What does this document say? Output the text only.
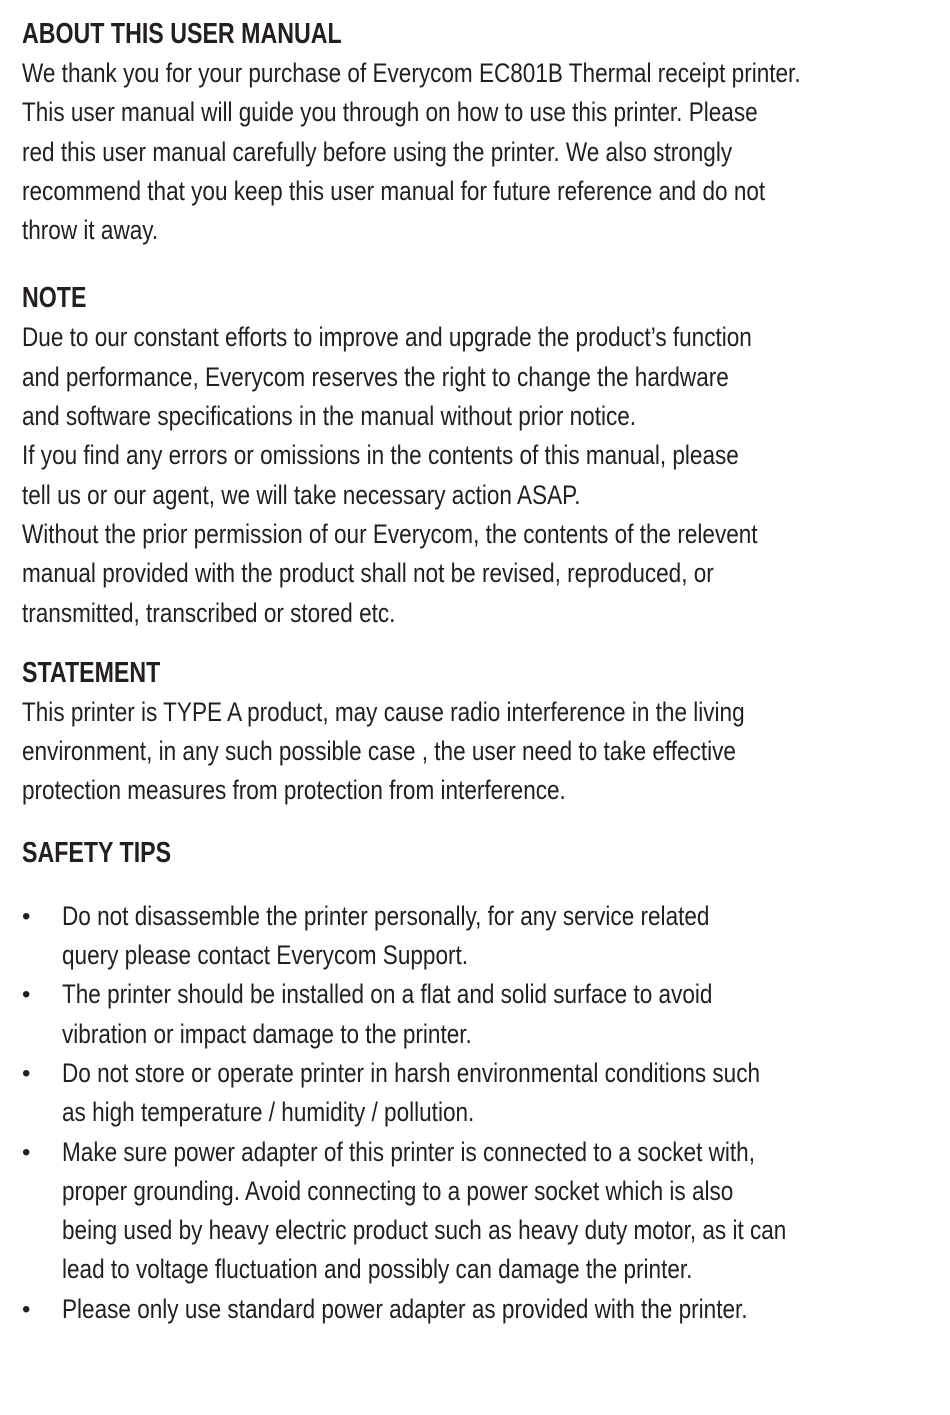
ABOUT THIS USER MANUAL
We thank you for your purchase of Everycom EC801B Thermal receipt printer.
This user manual will guide you through on how to use this printer. Please
red this user manual carefully before using the printer. We also strongly
recommend that you keep this user manual for future reference and do not
throw it away.
NOTE
Due to our constant efforts to improve and upgrade the product’s function
and performance, Everycom reserves the right to change the hardware
and software specifications in the manual without prior notice.
If you find any errors or omissions in the contents of this manual, please
tell us or our agent, we will take necessary action ASAP.
Without the prior permission of our Everycom, the contents of the relevent
manual provided with the product shall not be revised, reproduced, or
transmitted, transcribed or stored etc.
STATEMENT
This printer is TYPE A product, may cause radio interference in the living
environment, in any such possible case , the user need to take effective
protection measures from protection from interference.
SAFETY TIPS
•	Do not disassemble the printer personally, for any service related
query please contact Everycom Support.
•	The printer should be installed on a flat and solid surface to avoid
vibration or impact damage to the printer.
•	Do not store or operate printer in harsh environmental conditions such
as high temperature / humidity / pollution.
•	Make sure power adapter of this printer is connected to a socket with,
proper grounding. Avoid connecting to a power socket which is also
being used by heavy electric product such as heavy duty motor, as it can
lead to voltage fluctuation and possibly can damage the printer.
•	Please only use standard power adapter as provided with the printer.
